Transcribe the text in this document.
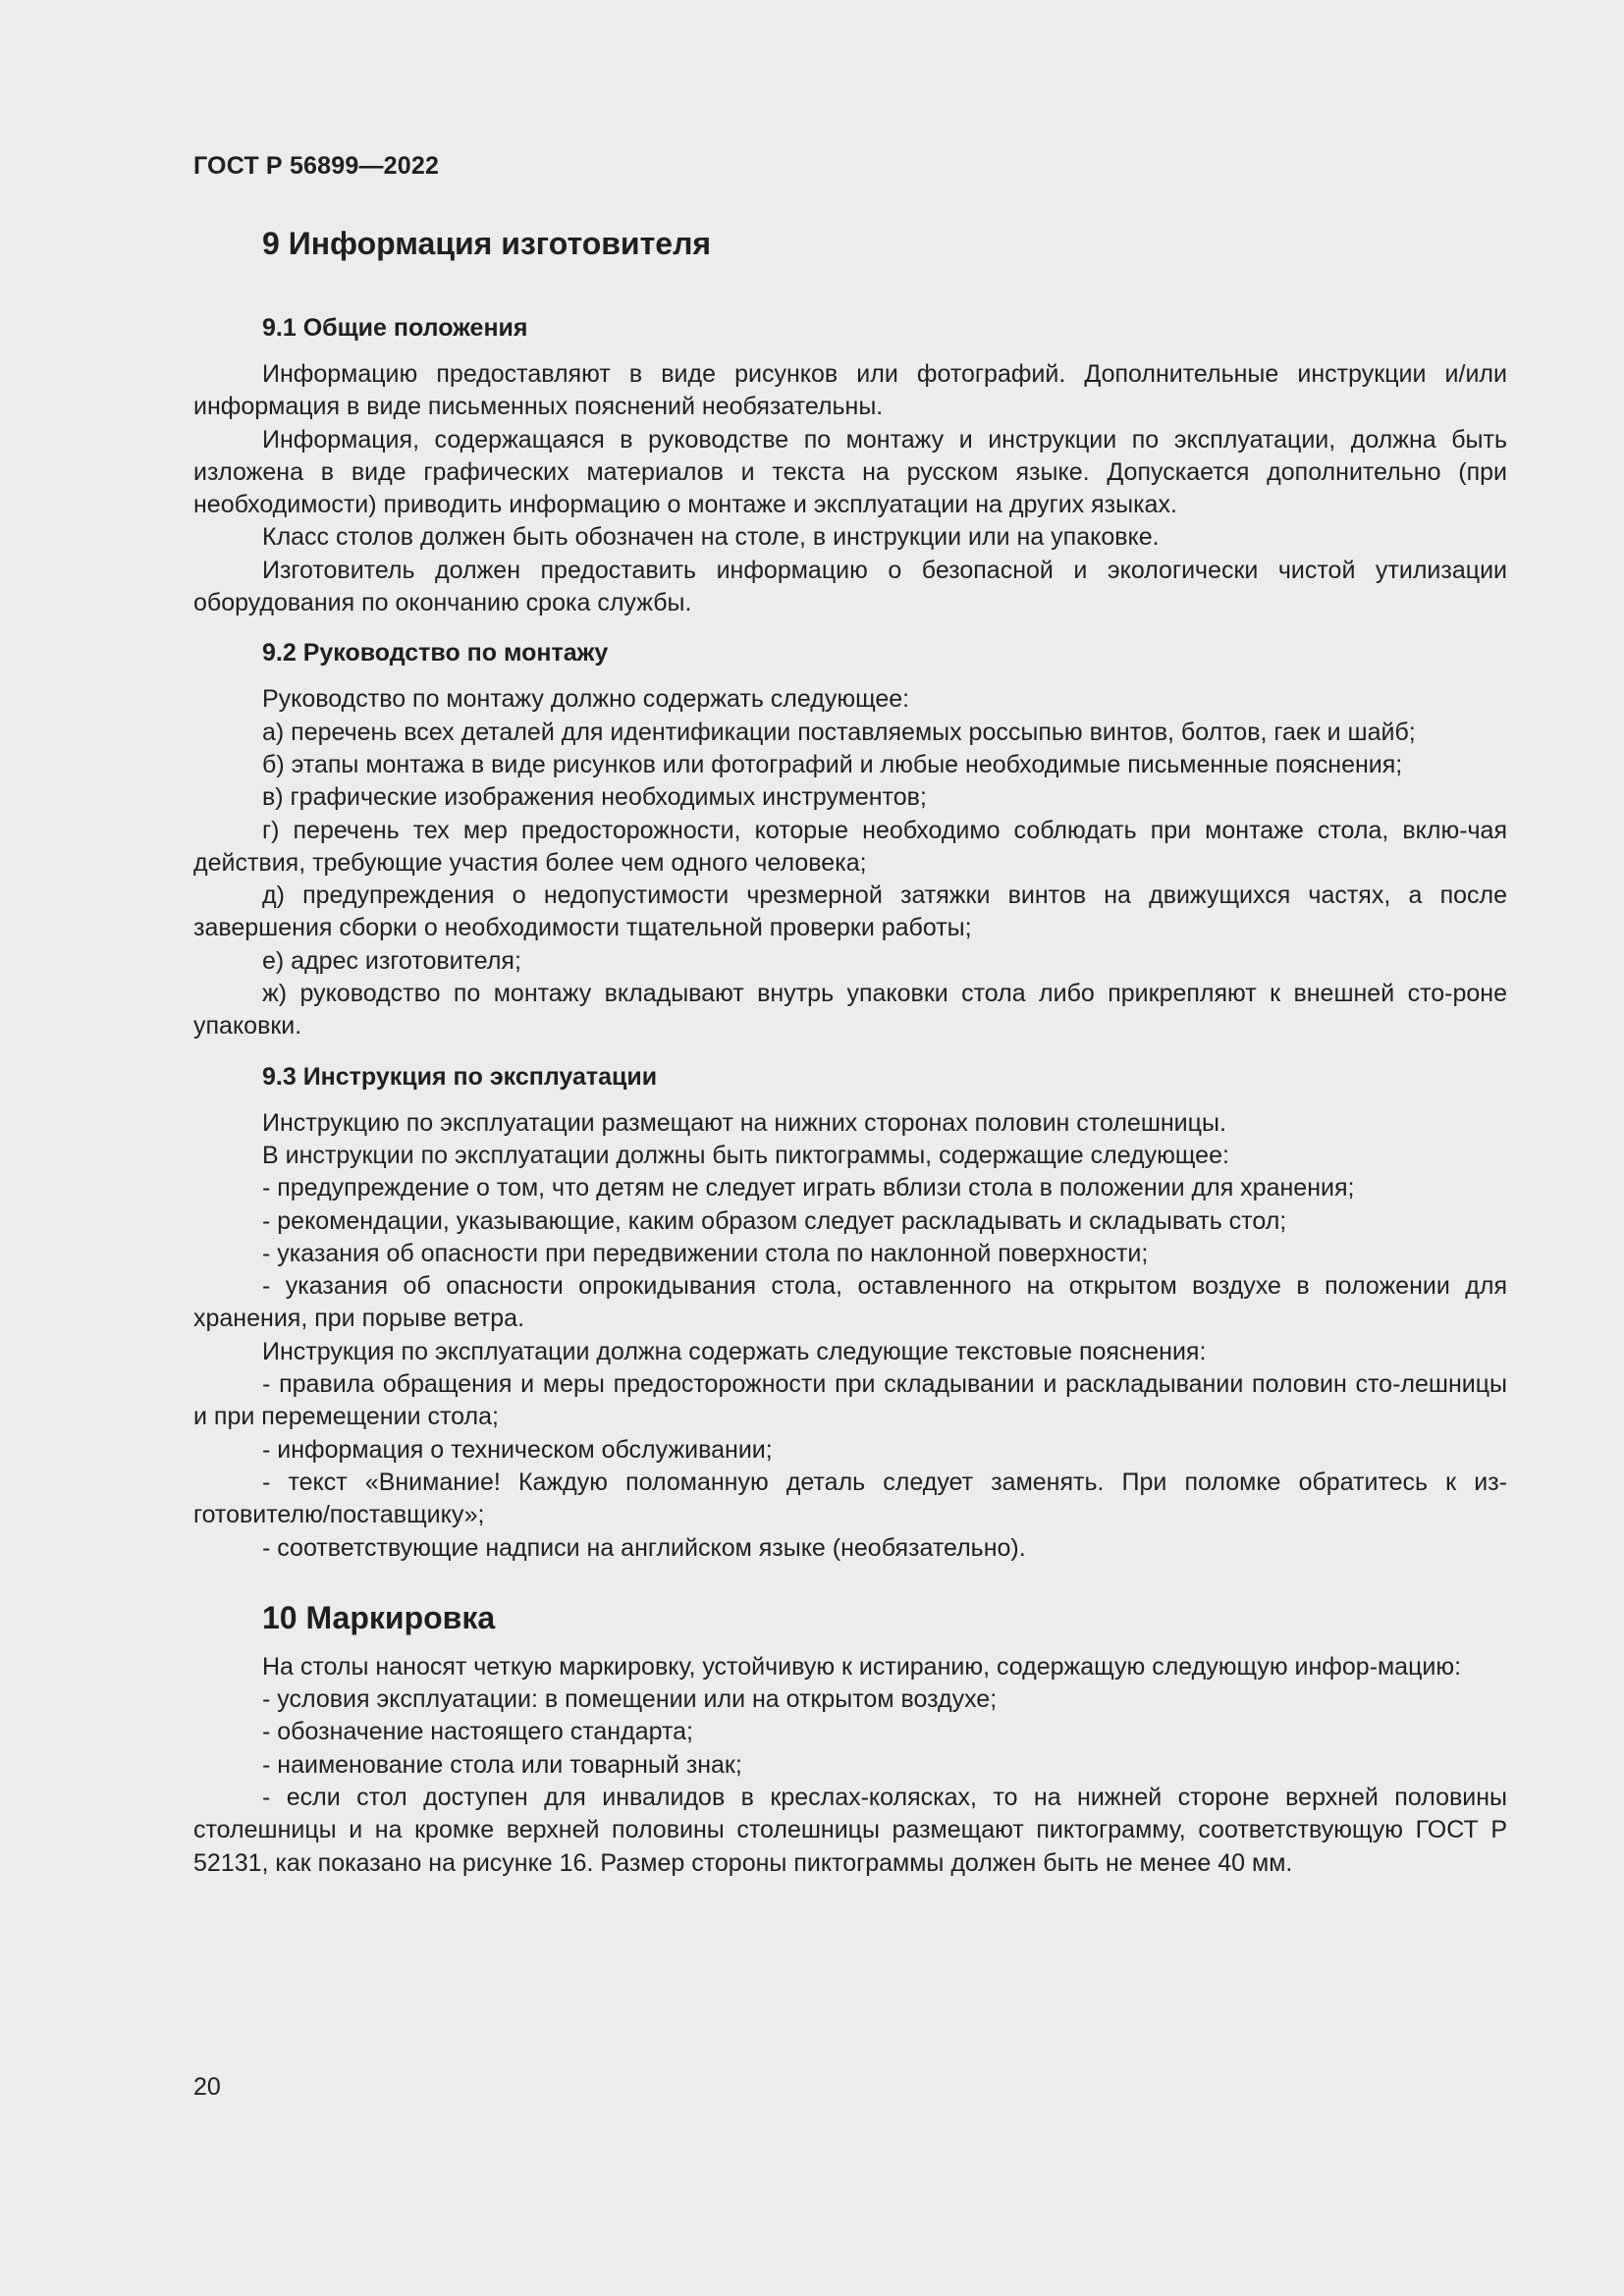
ГОСТ Р 56899—2022
9 Информация изготовителя
9.1 Общие положения

Информацию предоставляют в виде рисунков или фотографий. Дополнительные инструкции и/или информация в виде письменных пояснений необязательны.

Информация, содержащаяся в руководстве по монтажу и инструкции по эксплуатации, должна быть изложена в виде графических материалов и текста на русском языке. Допускается дополнительно (при необходимости) приводить информацию о монтаже и эксплуатации на других языках.

Класс столов должен быть обозначен на столе, в инструкции или на упаковке.

Изготовитель должен предоставить информацию о безопасной и экологически чистой утилизации оборудования по окончанию срока службы.

9.2 Руководство по монтажу

Руководство по монтажу должно содержать следующее:

а) перечень всех деталей для идентификации поставляемых россыпью винтов, болтов, гаек и шайб;

б) этапы монтажа в виде рисунков или фотографий и любые необходимые письменные пояснения;

в) графические изображения необходимых инструментов;

г) перечень тех мер предосторожности, которые необходимо соблюдать при монтаже стола, вклю-чая действия, требующие участия более чем одного человека;

д) предупреждения о недопустимости чрезмерной затяжки винтов на движущихся частях, а после завершения сборки о необходимости тщательной проверки работы;

е) адрес изготовителя;

ж) руководство по монтажу вкладывают внутрь упаковки стола либо прикрепляют к внешней сто-роне упаковки.

9.3 Инструкция по эксплуатации

Инструкцию по эксплуатации размещают на нижних сторонах половин столешницы.

В инструкции по эксплуатации должны быть пиктограммы, содержащие следующее:

- предупреждение о том, что детям не следует играть вблизи стола в положении для хранения;

- рекомендации, указывающие, каким образом следует раскладывать и складывать стол;

- указания об опасности при передвижении стола по наклонной поверхности;

- указания об опасности опрокидывания стола, оставленного на открытом воздухе в положении для хранения, при порыве ветра.

Инструкция по эксплуатации должна содержать следующие текстовые пояснения:

- правила обращения и меры предосторожности при складывании и раскладывании половин сто-лешницы и при перемещении стола;

- информация о техническом обслуживании;

- текст «Внимание! Каждую поломанную деталь следует заменять. При поломке обратитесь к из-готовителю/поставщику»;

- соответствующие надписи на английском языке (необязательно).

10 Маркировка

На столы наносят четкую маркировку, устойчивую к истиранию, содержащую следующую инфор-мацию:

- условия эксплуатации: в помещении или на открытом воздухе;

- обозначение настоящего стандарта;

- наименование стола или товарный знак;

- если стол доступен для инвалидов в креслах-колясках, то на нижней стороне верхней половины столешницы и на кромке верхней половины столешницы размещают пиктограмму, соответствующую ГОСТ Р 52131, как показано на рисунке 16. Размер стороны пиктограммы должен быть не менее 40 мм.

20
